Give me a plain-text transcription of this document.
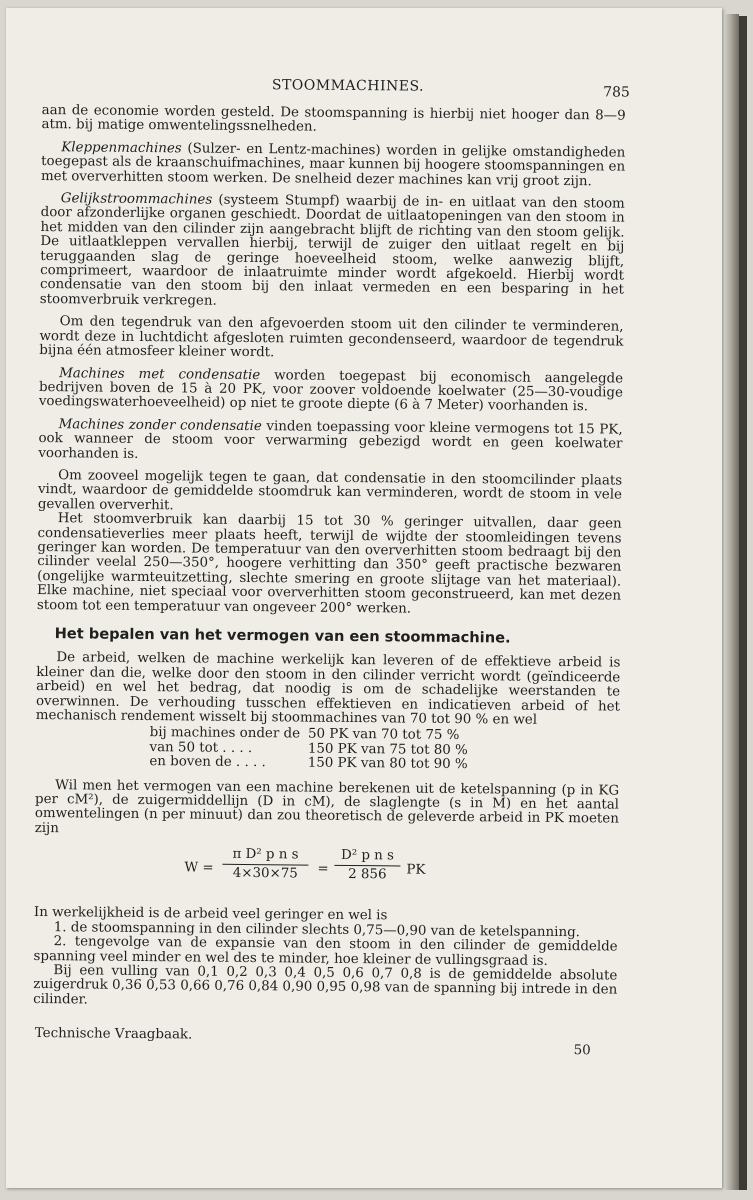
STOOMMACHINES.	785

aan de economie worden gesteld. De stoomspanning is hierbij niet hooger dan 8—9 atm. bij matige omwentelingssnelheden.

Kleppenmachines (Sulzer- en Lentz-machines) worden in gelijke omstandigheden toegepast als de kraanschuifmachines, maar kunnen bij hoogere stoomspanningen en met oververhitten stoom werken. De snelheid dezer machines kan vrij groot zijn.

Gelijkstroommachines (systeem Stumpf) waarbij de in- en uitlaat van den stoom door afzonderlijke organen geschiedt. Doordat de uitlaatopeningen van den stoom in het midden van den cilinder zijn aangebracht blijft de richting van den stoom gelijk. De uitlaatkleppen vervallen hierbij, terwijl de zuiger den uitlaat regelt en bij teruggaanden slag de geringe hoeveelheid stoom, welke aanwezig blijft, comprimeert, waardoor de inlaatruimte minder wordt afgekoeld. Hierbij wordt condensatie van den stoom bij den inlaat vermeden en een besparing in het stoomverbruik verkregen.

Om den tegendruk van den afgevoerden stoom uit den cilinder te verminderen, wordt deze in luchtdicht afgesloten ruimten gecondenseerd, waardoor de tegendruk bijna één atmosfeer kleiner wordt.

Machines met condensatie worden toegepast bij economisch aangelegde bedrijven boven de 15 à 20 PK, voor zoover voldoende koelwater (25—30-voudige voedingswaterhoeveelheid) op niet te groote diepte (6 à 7 Meter) voorhanden is.

Machines zonder condensatie vinden toepassing voor kleine vermogens tot 15 PK, ook wanneer de stoom voor verwarming gebezigd wordt en geen koelwater voorhanden is.

Om zooveel mogelijk tegen te gaan, dat condensatie in den stoomcilinder plaats vindt, waardoor de gemiddelde stoomdruk kan verminderen, wordt de stoom in vele gevallen oververhit.

Het stoomverbruik kan daarbij 15 tot 30 % geringer uitvallen, daar geen condensatieverlies meer plaats heeft, terwijl de wijdte der stoomleidingen tevens geringer kan worden. De temperatuur van den oververhitten stoom bedraagt bij den cilinder veelal 250—350°, hoogere verhitting dan 350° geeft practische bezwaren (ongelijke warmteuitzetting, slechte smering en groote slijtage van het materiaal). Elke machine, niet speciaal voor oververhitten stoom geconstrueerd, kan met dezen stoom tot een temperatuur van ongeveer 200° werken.

Het bepalen van het vermogen van een stoommachine.

De arbeid, welken de machine werkelijk kan leveren of de effektieve arbeid is kleiner dan die, welke door den stoom in den cilinder verricht wordt (geïndiceerde arbeid) en wel het bedrag, dat noodig is om de schadelijke weerstanden te overwinnen. De verhouding tusschen effektieven en indicatieven arbeid of het mechanisch rendement wisselt bij stoommachines van 70 tot 90 % en wel

bij machines onder de	50 PK van 70 tot 75 %
van 50 tot . . . .	150 PK van 75 tot 80 %
en boven de . . . .	150 PK van 80 tot 90 %

Wil men het vermogen van een machine berekenen uit de ketelspanning (p in KG per cM²), de zuigermiddellijn (D in cM), de slaglengte (s in M) en het aantal omwentelingen (n per minuut) dan zou theoretisch de geleverde arbeid in PK moeten zijn

$W = \frac{\text{π D² p n s}}{4\times 30\times 75} = \frac{\text{D² p n s}}{2 856}$ PK

In werkelijkheid is de arbeid veel geringer en wel is

1. de stoomspanning in den cilinder slechts 0,75—0,90 van de ketelspanning.

2. tengevolge van de expansie van den stoom in den cilinder de gemiddelde spanning veel minder en wel des te minder, hoe kleiner de vullingsgraad is.

Bij een vulling van 0,1 0,2 0,3 0,4 0,5 0,6 0,7 0,8 is de gemiddelde absolute zuigerdruk 0,36 0,53 0,66 0,76 0,84 0,90 0,95 0,98 van de spanning bij intrede in den cilinder.

Technische Vraagbaak.
50
